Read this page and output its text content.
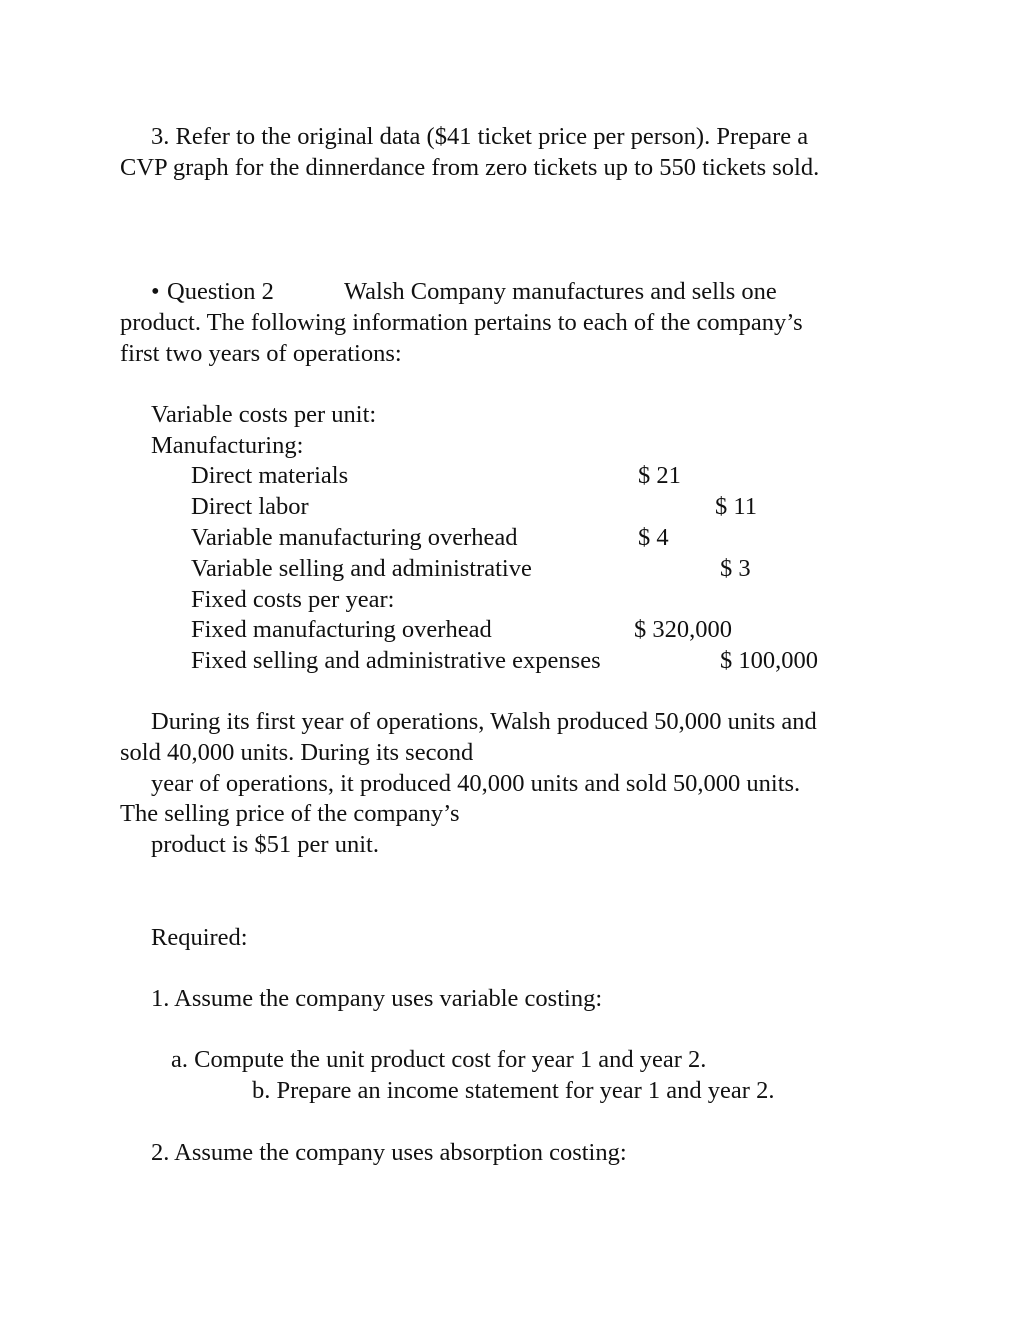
3. Refer to the original data ($41 ticket price per person). Prepare a
CVP graph for the dinnerdance from zero tickets up to 550 tickets sold.
• Question 2	Walsh Company manufactures and sells one
product. The following information pertains to each of the company’s
first two years of operations:
Variable costs per unit:
Manufacturing:
Direct materials	$ 21
Direct labor	$ 11
Variable manufacturing overhead	$ 4
Variable selling and administrative	$ 3
Fixed costs per year:
Fixed manufacturing overhead	$ 320,000
Fixed selling and administrative expenses	$ 100,000
During its first year of operations, Walsh produced 50,000 units and
sold 40,000 units. During its second
year of operations, it produced 40,000 units and sold 50,000 units.
The selling price of the company’s
product is $51 per unit.
Required:
1. Assume the company uses variable costing:
a. Compute the unit product cost for year 1 and year 2.
b. Prepare an income statement for year 1 and year 2.
2. Assume the company uses absorption costing:
